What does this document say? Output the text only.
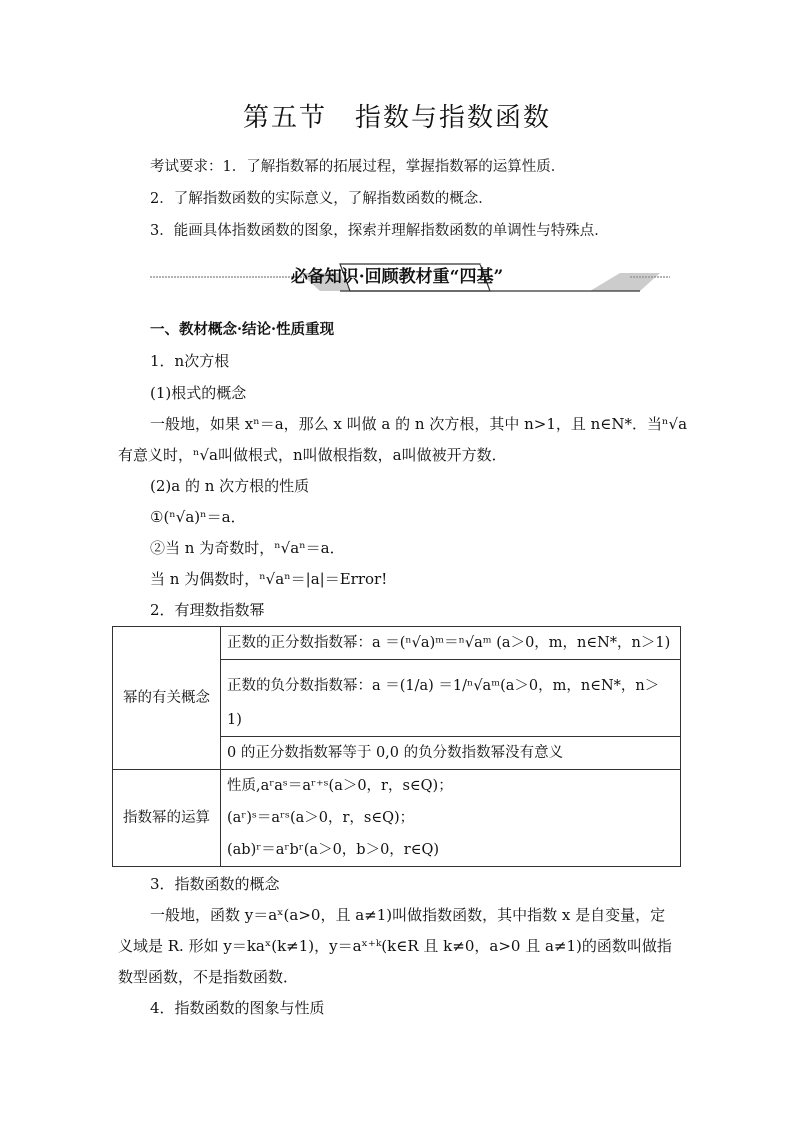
第五节　指数与指数函数
考试要求：1．了解指数幂的拓展过程，掌握指数幂的运算性质．
2．了解指数函数的实际意义，了解指数函数的概念．
3．能画具体指数函数的图象，探索并理解指数函数的单调性与特殊点．
必备知识·回顾教材重“四基”
一、教材概念·结论·性质重现
1．n次方根
(1)根式的概念
一般地，如果 xⁿ＝a，那么 x 叫做 a 的 n 次方根，其中 n>1，且 n∈N*．当ⁿ√a
有意义时，ⁿ√a叫做根式，n叫做根指数，a叫做被开方数．
(2)a 的 n 次方根的性质
①(ⁿ√a)ⁿ＝a．
②当 n 为奇数时，ⁿ√aⁿ＝a．
当 n 为偶数时，ⁿ√aⁿ＝|a|＝Error!
2．有理数指数幂
幂的有关概念	正数的正分数指数幂：a ＝(ⁿ√a)ᵐ＝ⁿ√aᵐ (a＞0，m，n∈N*，n＞1)

	正数的负分数指数幂：a ＝(1/a) ＝1/ⁿ√aᵐ(a＞0，m，n∈N*，n＞
1)

	0 的正分数指数幂等于 0,0 的负分数指数幂没有意义

指数幂的运算	性质,aʳaˢ＝aʳ⁺ˢ(a＞0，r，s∈Q)；
(aʳ)ˢ＝aʳˢ(a＞0，r，s∈Q)；
(ab)ʳ＝aʳbʳ(a＞0，b＞0，r∈Q)
3．指数函数的概念
一般地，函数 y＝aˣ(a>0，且 a≠1)叫做指数函数，其中指数 x 是自变量，定
义域是 R. 形如 y＝kaˣ(k≠1)，y＝aˣ⁺ᵏ(k∈R 且 k≠0，a>0 且 a≠1)的函数叫做指
数型函数，不是指数函数．
4．指数函数的图象与性质
